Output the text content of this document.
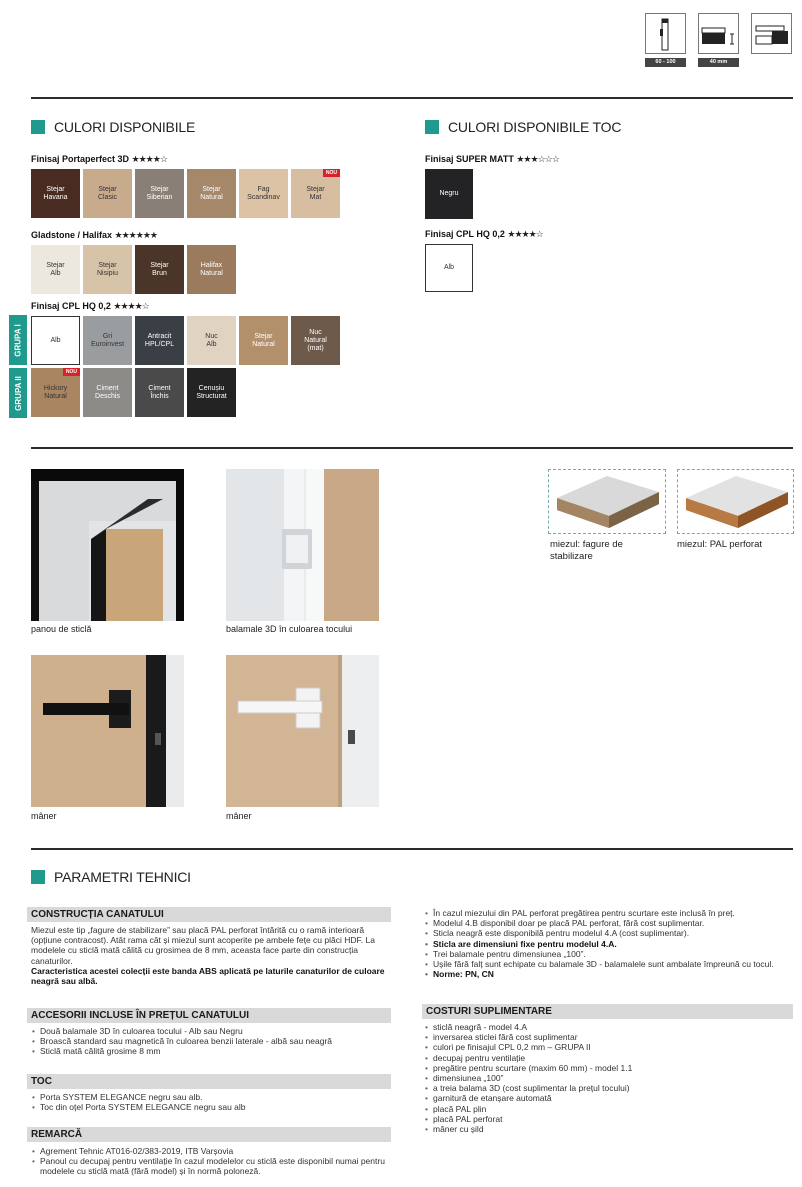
60 - 100	40 mm
CULORI DISPONIBILE
Finisaj Portaperfect 3D ★★★★☆
Stejar
Havana
Stejar
Clasic
Stejar
Siberian
Stejar
Natural
Fag
Scandinav
Stejar
Mat
NOU
Gladstone / Halifax ★★★★★★
Stejar
Alb
Stejar
Nisipiu
Stejar
Brun
Halifax
Natural
Finisaj CPL HQ 0,2 ★★★★☆
Alb
Gri
Euroinvest
Antracit
HPL/CPL
Nuc
Alb
Stejar
Natural
Nuc
Natural
(mat)
Hickory
Natural
NOU
Ciment
Deschis
Ciment
Închis
Cenușiu
Structurat
GRUPA I
GRUPA II
CULORI DISPONIBILE TOC
Finisaj SUPER MATT ★★★☆☆☆
Negru
Finisaj CPL HQ 0,2 ★★★★☆
Alb
panou de sticlă	balamale 3D în culoarea tocului
mâner	mâner
miezul: fagure de stabilizare
miezul: PAL perforat
PARAMETRI TEHNICI
CONSTRUCȚIA CANATULUI

Miezul este tip „fagure de stabilizare” sau placă PAL perforat întărită cu o ramă interioară (opțiune contracost). Atât rama cât și miezul sunt acoperite pe ambele fețe cu plăci HDF. La modelele cu sticlă mată călită cu grosimea de 8 mm, aceasta face parte din construcția canaturilor.

Caracteristica acestei colecții este banda ABS aplicată pe laturile canaturilor de culoare neagră sau albă.

ACCESORII INCLUSE ÎN PREȚUL CANATULUI
• Două balamale 3D în culoarea tocului - Alb sau Negru
• Broască standard sau magnetică în culoarea benzii laterale - albă sau neagră
• Sticlă mată călită grosime 8 mm
TOC
• Porta SYSTEM ELEGANCE negru sau alb.
• Toc din oțel Porta SYSTEM ELEGANCE negru sau alb
REMARCĂ
• Agrement Tehnic AT016-02/383-2019, ITB Varșovia
• Panoul cu decupaj pentru ventilație în cazul modelelor cu sticlă este disponibil numai pentru modelele cu sticlă mată (fără model) și în normă poloneză.
• În cazul miezului din PAL perforat pregătirea pentru scurtare este inclusă în preț.
• Modelul 4.B disponibil doar pe placă PAL perforat, fără cost suplimentar.
• Sticla neagră este disponibilă pentru modelul 4.A (cost suplimentar).
• Sticla are dimensiuni fixe pentru modelul 4.A.
• Trei balamale pentru dimensiunea „100”.
• Ușile fără falț sunt echipate cu balamale 3D - balamalele sunt ambalate împreună cu tocul.
• Norme: PN, CN
COSTURI SUPLIMENTARE
• sticlă neagră - model 4.A
• inversarea sticlei fără cost suplimentar
• culori pe finisajul CPL 0,2 mm – GRUPA II
• decupaj pentru ventilație
• pregătire pentru scurtare (maxim 60 mm) - model 1.1
• dimensiunea „100”
• a treia balama 3D (cost suplimentar la prețul tocului)
• garnitură de etanșare automată
• placă PAL plin
• placă PAL perforat
• mâner cu șild
